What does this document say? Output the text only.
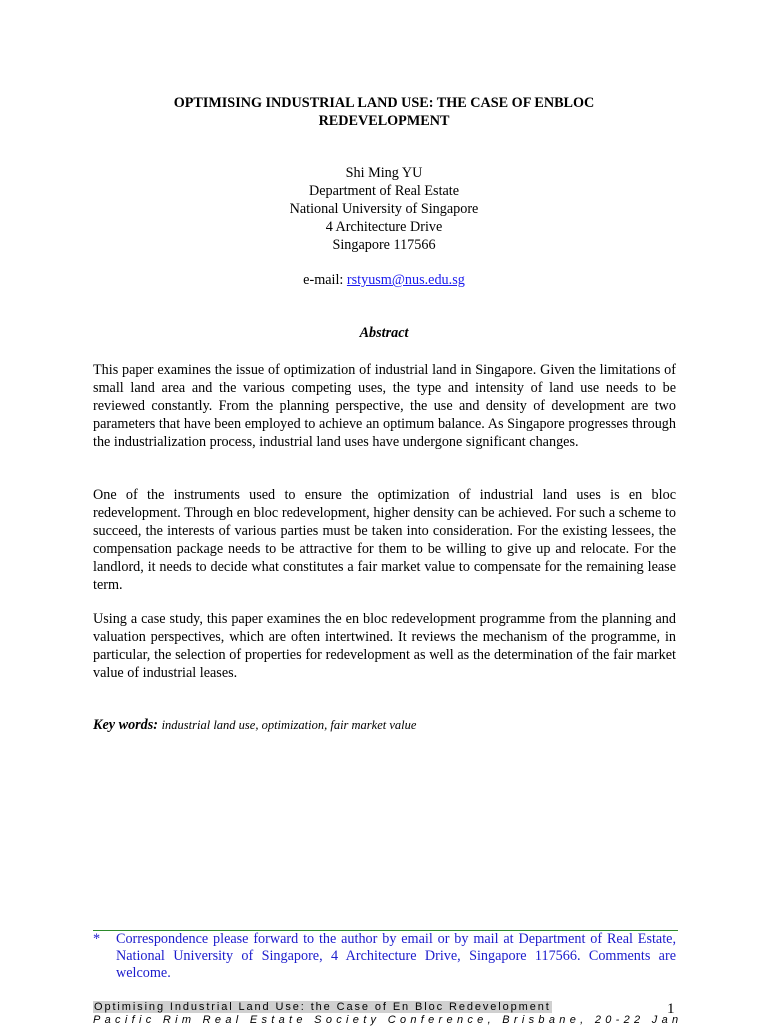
OPTIMISING INDUSTRIAL LAND USE: THE CASE OF ENBLOC
REDEVELOPMENT
Shi Ming YU
Department of Real Estate
National University of Singapore
4 Architecture Drive
Singapore 117566
e-mail: rstyusm@nus.edu.sg
Abstract

This paper examines the issue of optimization of industrial land in Singapore. Given the limitations of small land area and the various competing uses, the type and intensity of land use needs to be reviewed constantly. From the planning perspective, the use and density of development are two parameters that have been employed to achieve an optimum balance. As Singapore progresses through the industrialization process, industrial land uses have undergone significant changes.

One of the instruments used to ensure the optimization of industrial land uses is en bloc redevelopment. Through en bloc redevelopment, higher density can be achieved. For such a scheme to succeed, the interests of various parties must be taken into consideration. For the existing lessees, the compensation package needs to be attractive for them to be willing to give up and relocate. For the landlord, it needs to decide what constitutes a fair market value to compensate for the remaining lease term.

Using a case study, this paper examines the en bloc redevelopment programme from the planning and valuation perspectives, which are often intertwined. It reviews the mechanism of the programme, in particular, the selection of properties for redevelopment as well as the determination of the fair market value of industrial leases.

Key words: industrial land use, optimization, fair market value
* Correspondence please forward to the author by email or by mail at Department of Real Estate, National University of Singapore, 4 Architecture Drive, Singapore 117566. Comments are welcome.
Optimising Industrial Land Use: the Case of En Bloc Redevelopment
Pacific Rim Real Estate Society Conference, Brisbane, 20-22 Jan
1
